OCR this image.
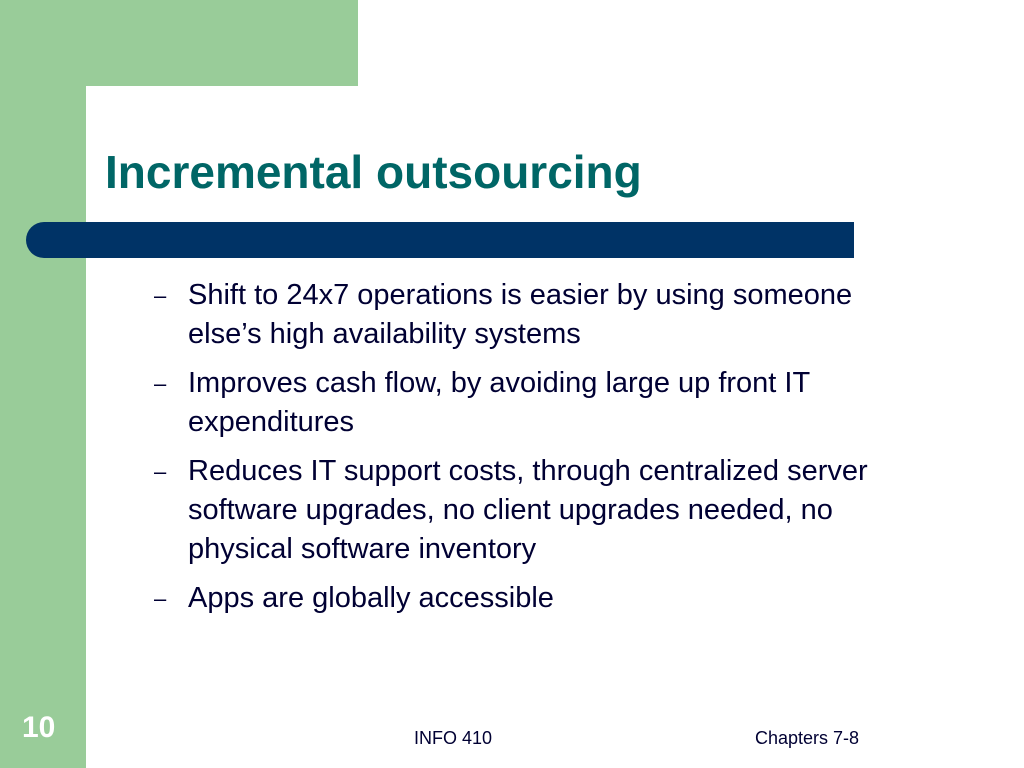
Incremental outsourcing
– Shift to 24x7 operations is easier by using someone else’s high availability systems
– Improves cash flow, by avoiding large up front IT expenditures
– Reduces IT support costs, through centralized server software upgrades, no client upgrades needed, no physical software inventory
– Apps are globally accessible
10	INFO 410	Chapters 7-8
